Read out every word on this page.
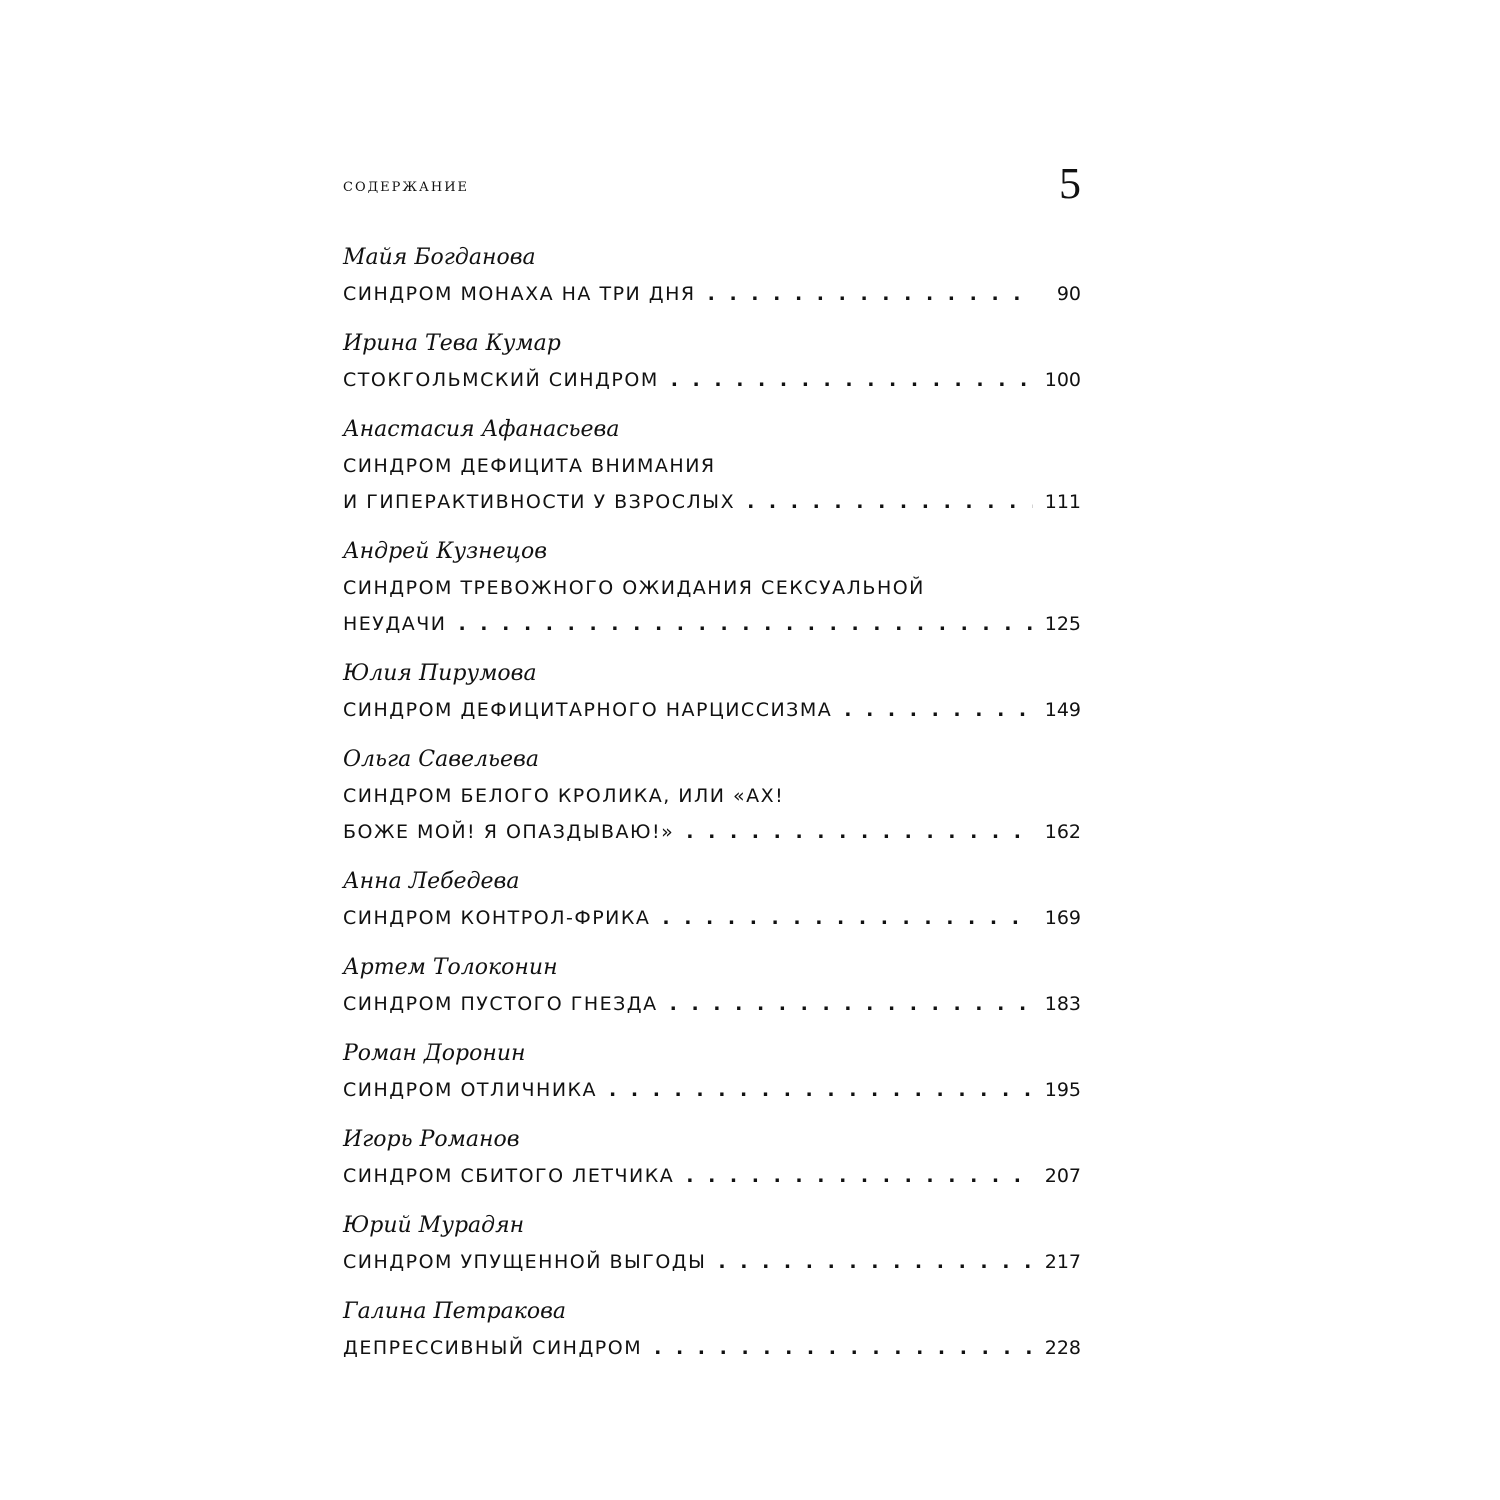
СОДЕРЖАНИЕ	5
Майя Богданова
СИНДРОМ МОНАХА НА ТРИ ДНЯ . . .	90
Ирина Тева Кумар
СТОКГОЛЬМСКИЙ СИНДРОМ . . .	100
Анастасия Афанасьева
СИНДРОМ ДЕФИЦИТА ВНИМАНИЯ
И ГИПЕРАКТИВНОСТИ У ВЗРОСЛЫХ . . .	111
Андрей Кузнецов
СИНДРОМ ТРЕВОЖНОГО ОЖИДАНИЯ СЕКСУАЛЬНОЙ
НЕУДАЧИ . . .	125
Юлия Пирумова
СИНДРОМ ДЕФИЦИТАРНОГО НАРЦИССИЗМА . . .	149
Ольга Савельева
СИНДРОМ БЕЛОГО КРОЛИКА, ИЛИ «АХ!
БОЖЕ МОЙ! Я ОПАЗДЫВАЮ!» . . .	162
Анна Лебедева
СИНДРОМ КОНТРОЛ-ФРИКА . . .	169
Артем Толоконин
СИНДРОМ ПУСТОГО ГНЕЗДА . . .	183
Роман Доронин
СИНДРОМ ОТЛИЧНИКА . . .	195
Игорь Романов
СИНДРОМ СБИТОГО ЛЕТЧИКА . . .	207
Юрий Мурадян
СИНДРОМ УПУЩЕННОЙ ВЫГОДЫ . . .	217
Галина Петракова
ДЕПРЕССИВНЫЙ СИНДРОМ . . .	228
